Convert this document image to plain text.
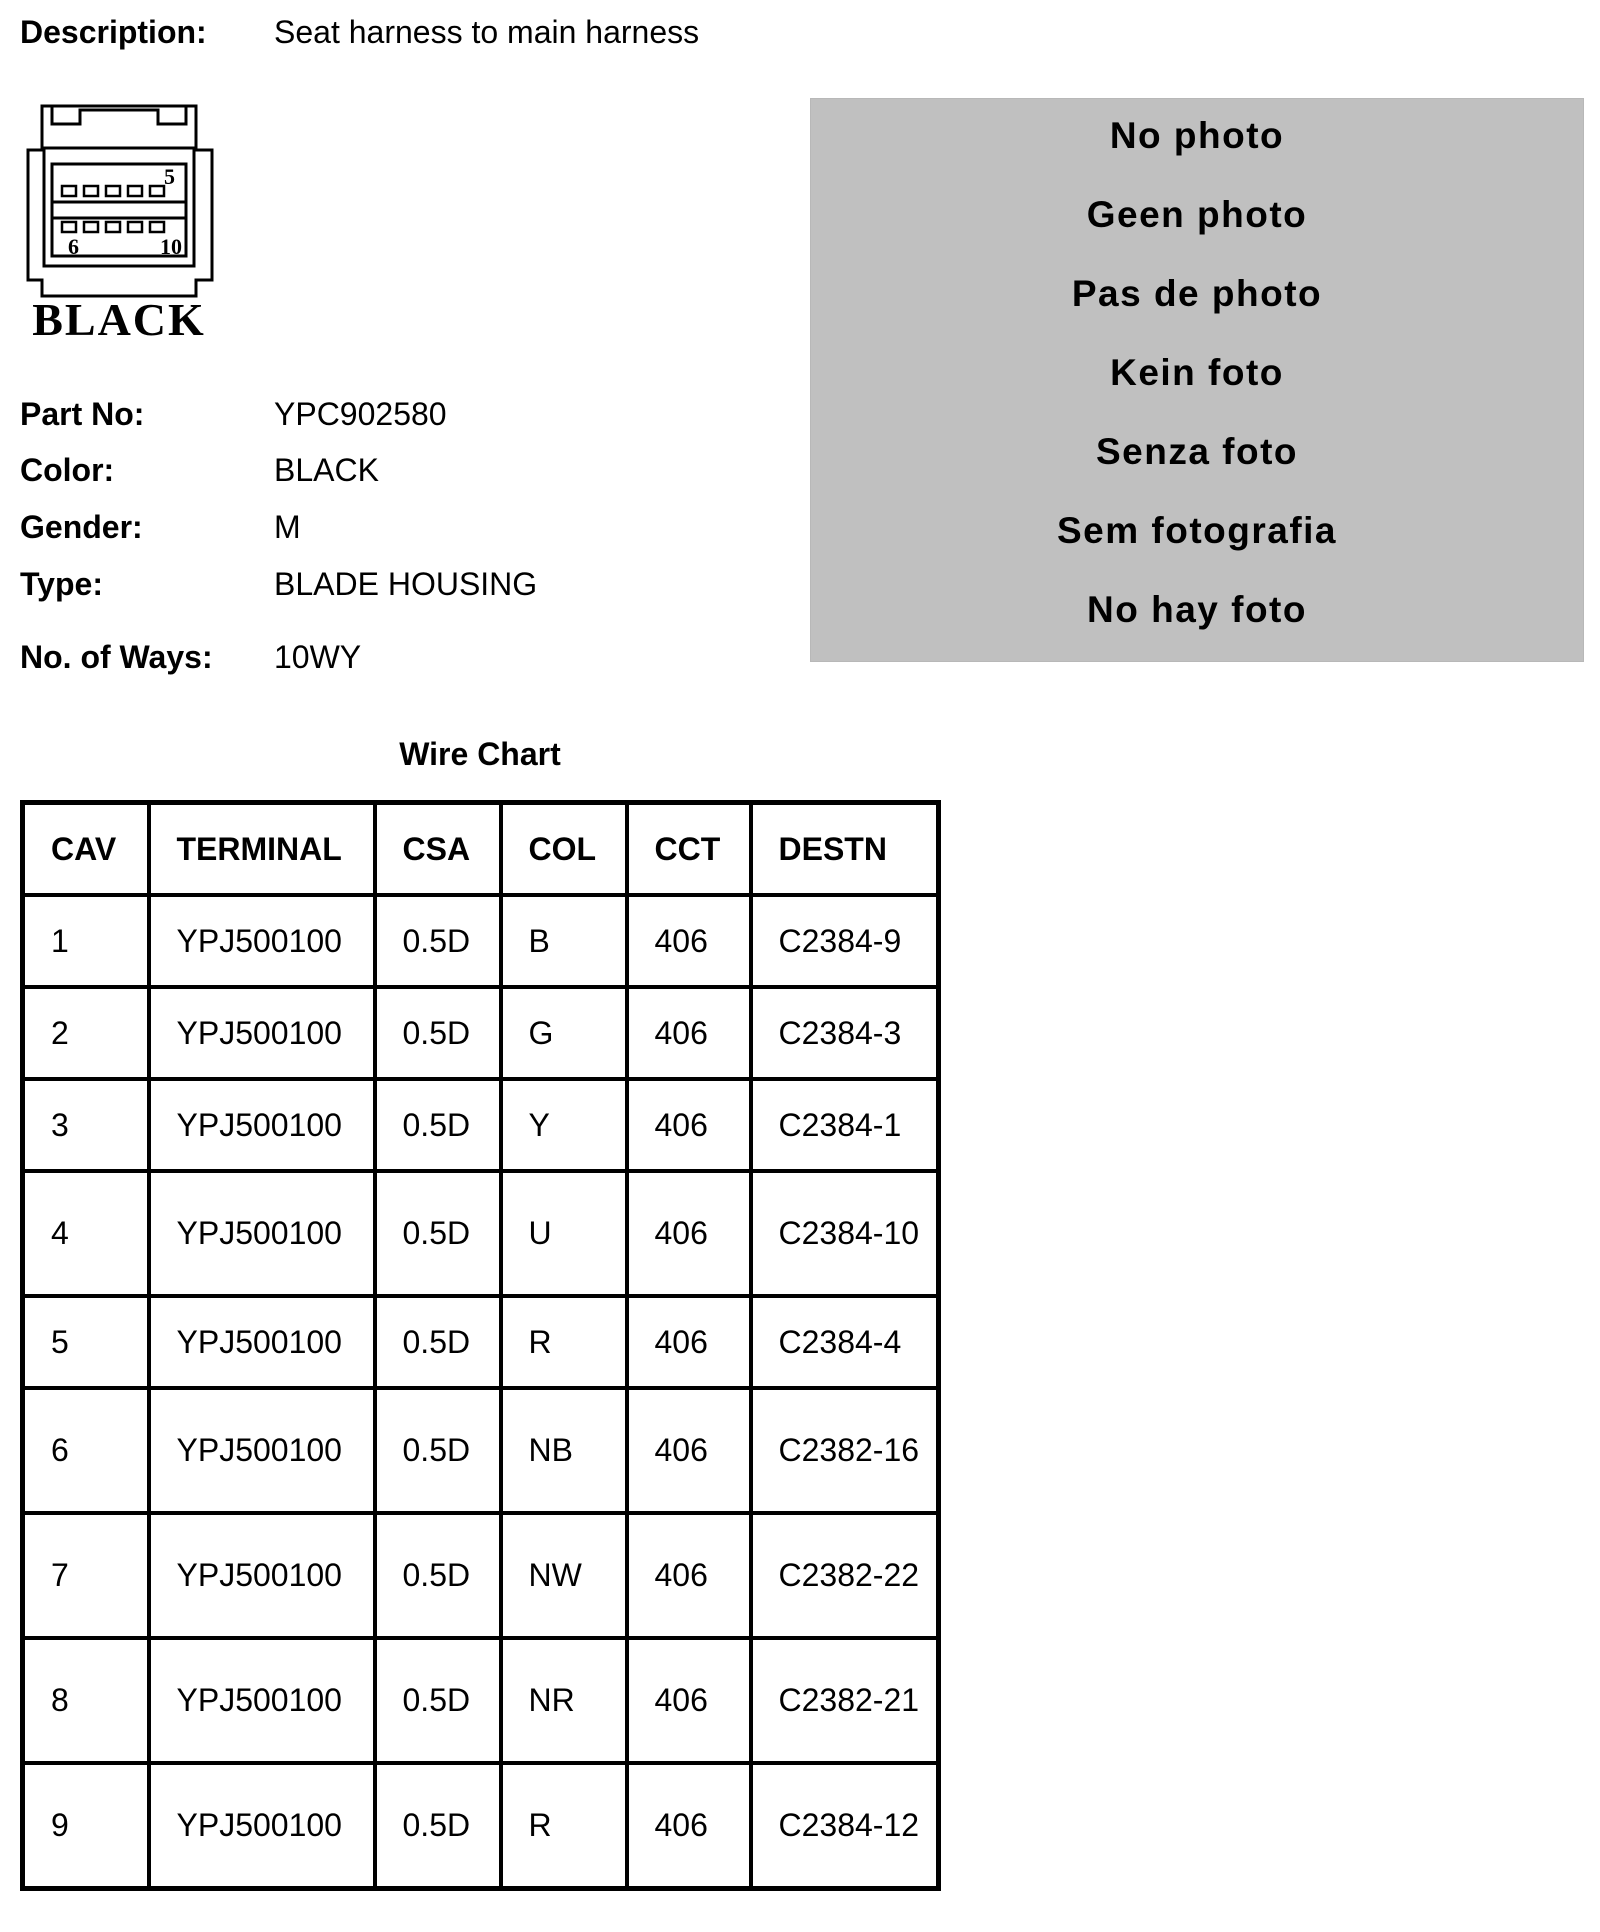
Description: Seat harness to main harness
5
6	10
BLACK
Part No:	YPC902580
Color:	BLACK
Gender:	M
Type:	BLADE HOUSING
No. of Ways: 10WY
No photo
Geen photo
Pas de photo
Kein foto
Senza foto
Sem fotografia
No hay foto
Wire Chart
CAV	TERMINAL	CSA	COL	CCT	DESTN
1	YPJ500100	0.5D	B	406	C2384-9
2	YPJ500100	0.5D	G	406	C2384-3
3	YPJ500100	0.5D	Y	406	C2384-1
4	YPJ500100	0.5D	U	406	C2384-10
5	YPJ500100	0.5D	R	406	C2384-4
6	YPJ500100	0.5D	NB	406	C2382-16
7	YPJ500100	0.5D	NW	406	C2382-22
8	YPJ500100	0.5D	NR	406	C2382-21
9	YPJ500100	0.5D	R	406	C2384-12
